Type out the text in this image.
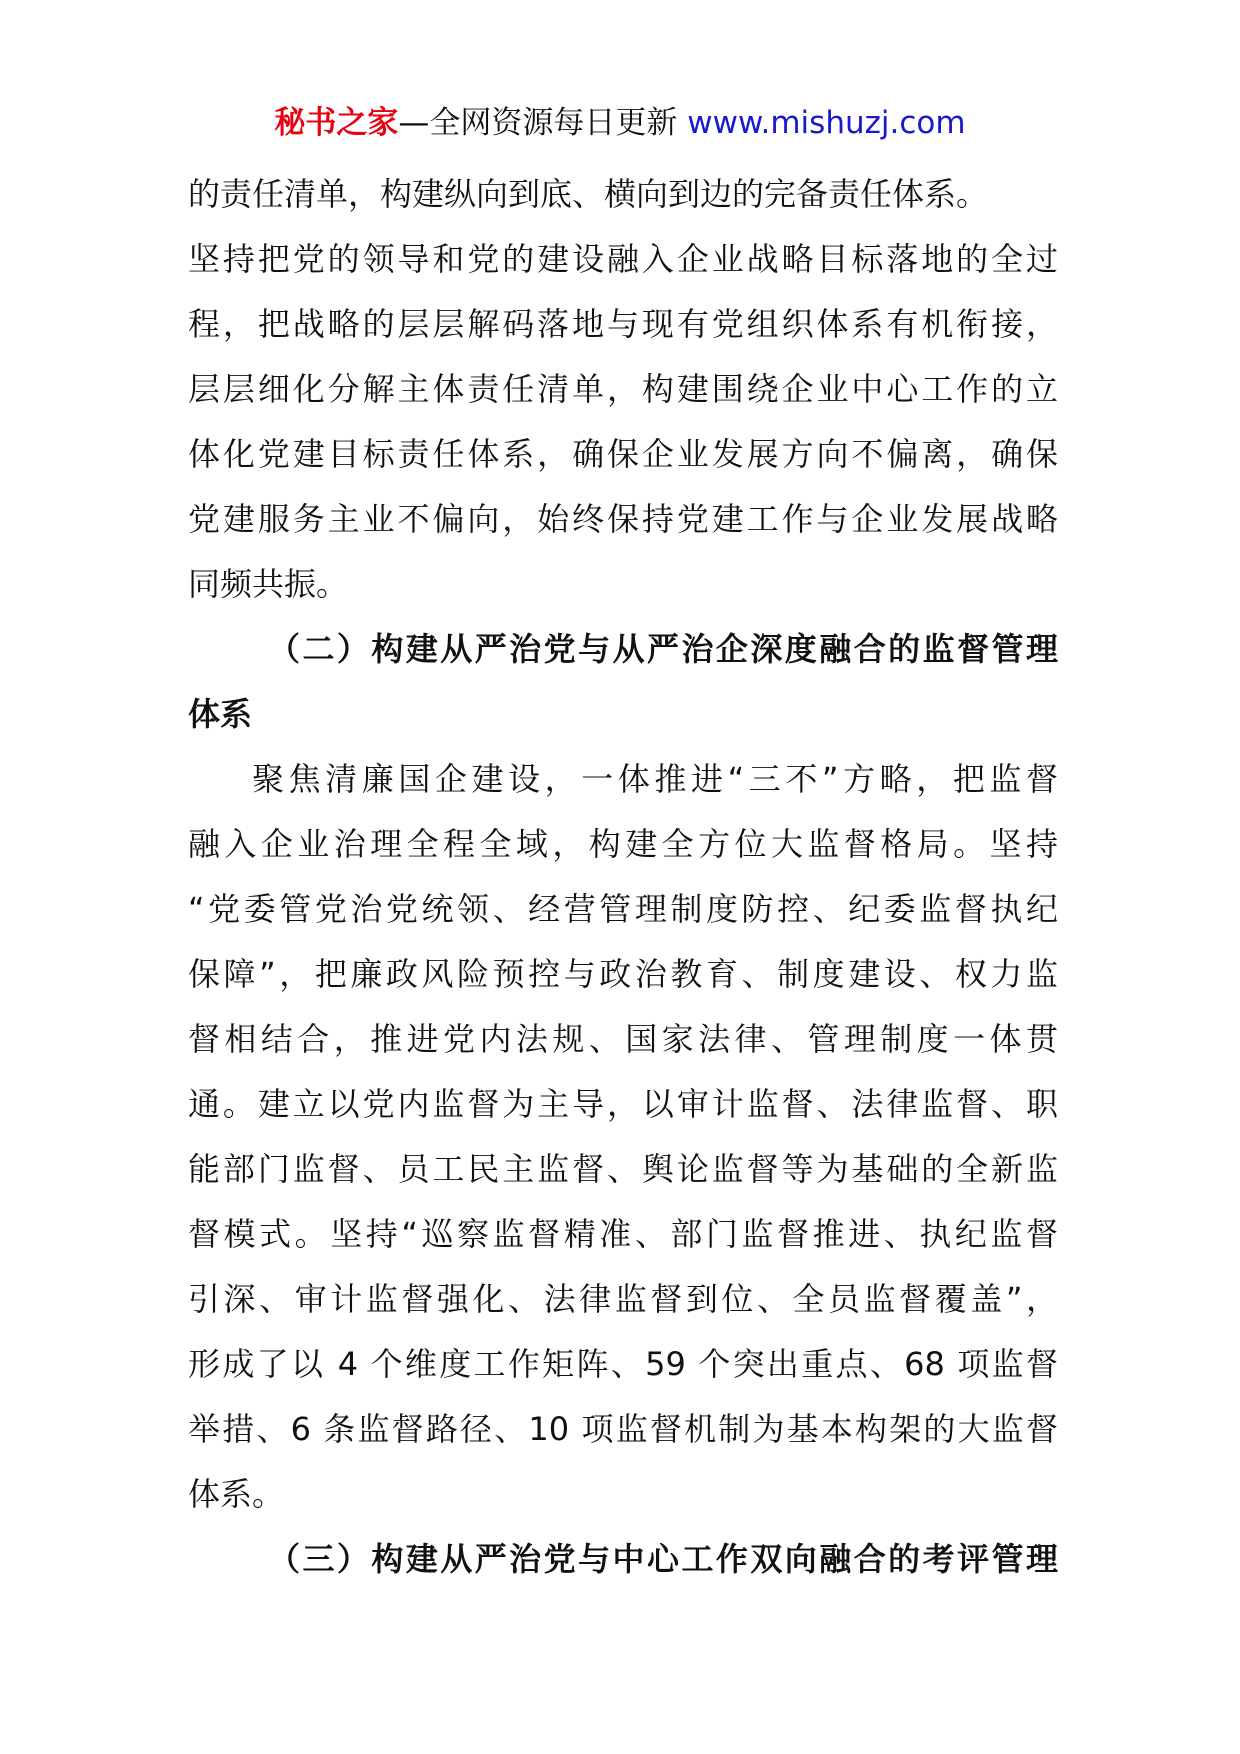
秘书之家—全网资源每日更新 www.mishuzj.com
的责任清单，构建纵向到底、横向到边的完备责任体系。
坚持把党的领导和党的建设融入企业战略目标落地的全过
程，把战略的层层解码落地与现有党组织体系有机衔接，
层层细化分解主体责任清单，构建围绕企业中心工作的立
体化党建目标责任体系，确保企业发展方向不偏离，确保
党建服务主业不偏向，始终保持党建工作与企业发展战略
同频共振。
（二）构建从严治党与从严治企深度融合的监督管理
体系
聚焦清廉国企建设，一体推进“三不”方略，把监督
融入企业治理全程全域，构建全方位大监督格局。坚持
“党委管党治党统领、经营管理制度防控、纪委监督执纪
保障”，把廉政风险预控与政治教育、制度建设、权力监
督相结合，推进党内法规、国家法律、管理制度一体贯
通。建立以党内监督为主导，以审计监督、法律监督、职
能部门监督、员工民主监督、舆论监督等为基础的全新监
督模式。坚持“巡察监督精准、部门监督推进、执纪监督
引深、审计监督强化、法律监督到位、全员监督覆盖”，
形成了以 4 个维度工作矩阵、59 个突出重点、68 项监督
举措、6 条监督路径、10 项监督机制为基本构架的大监督
体系。
（三）构建从严治党与中心工作双向融合的考评管理
